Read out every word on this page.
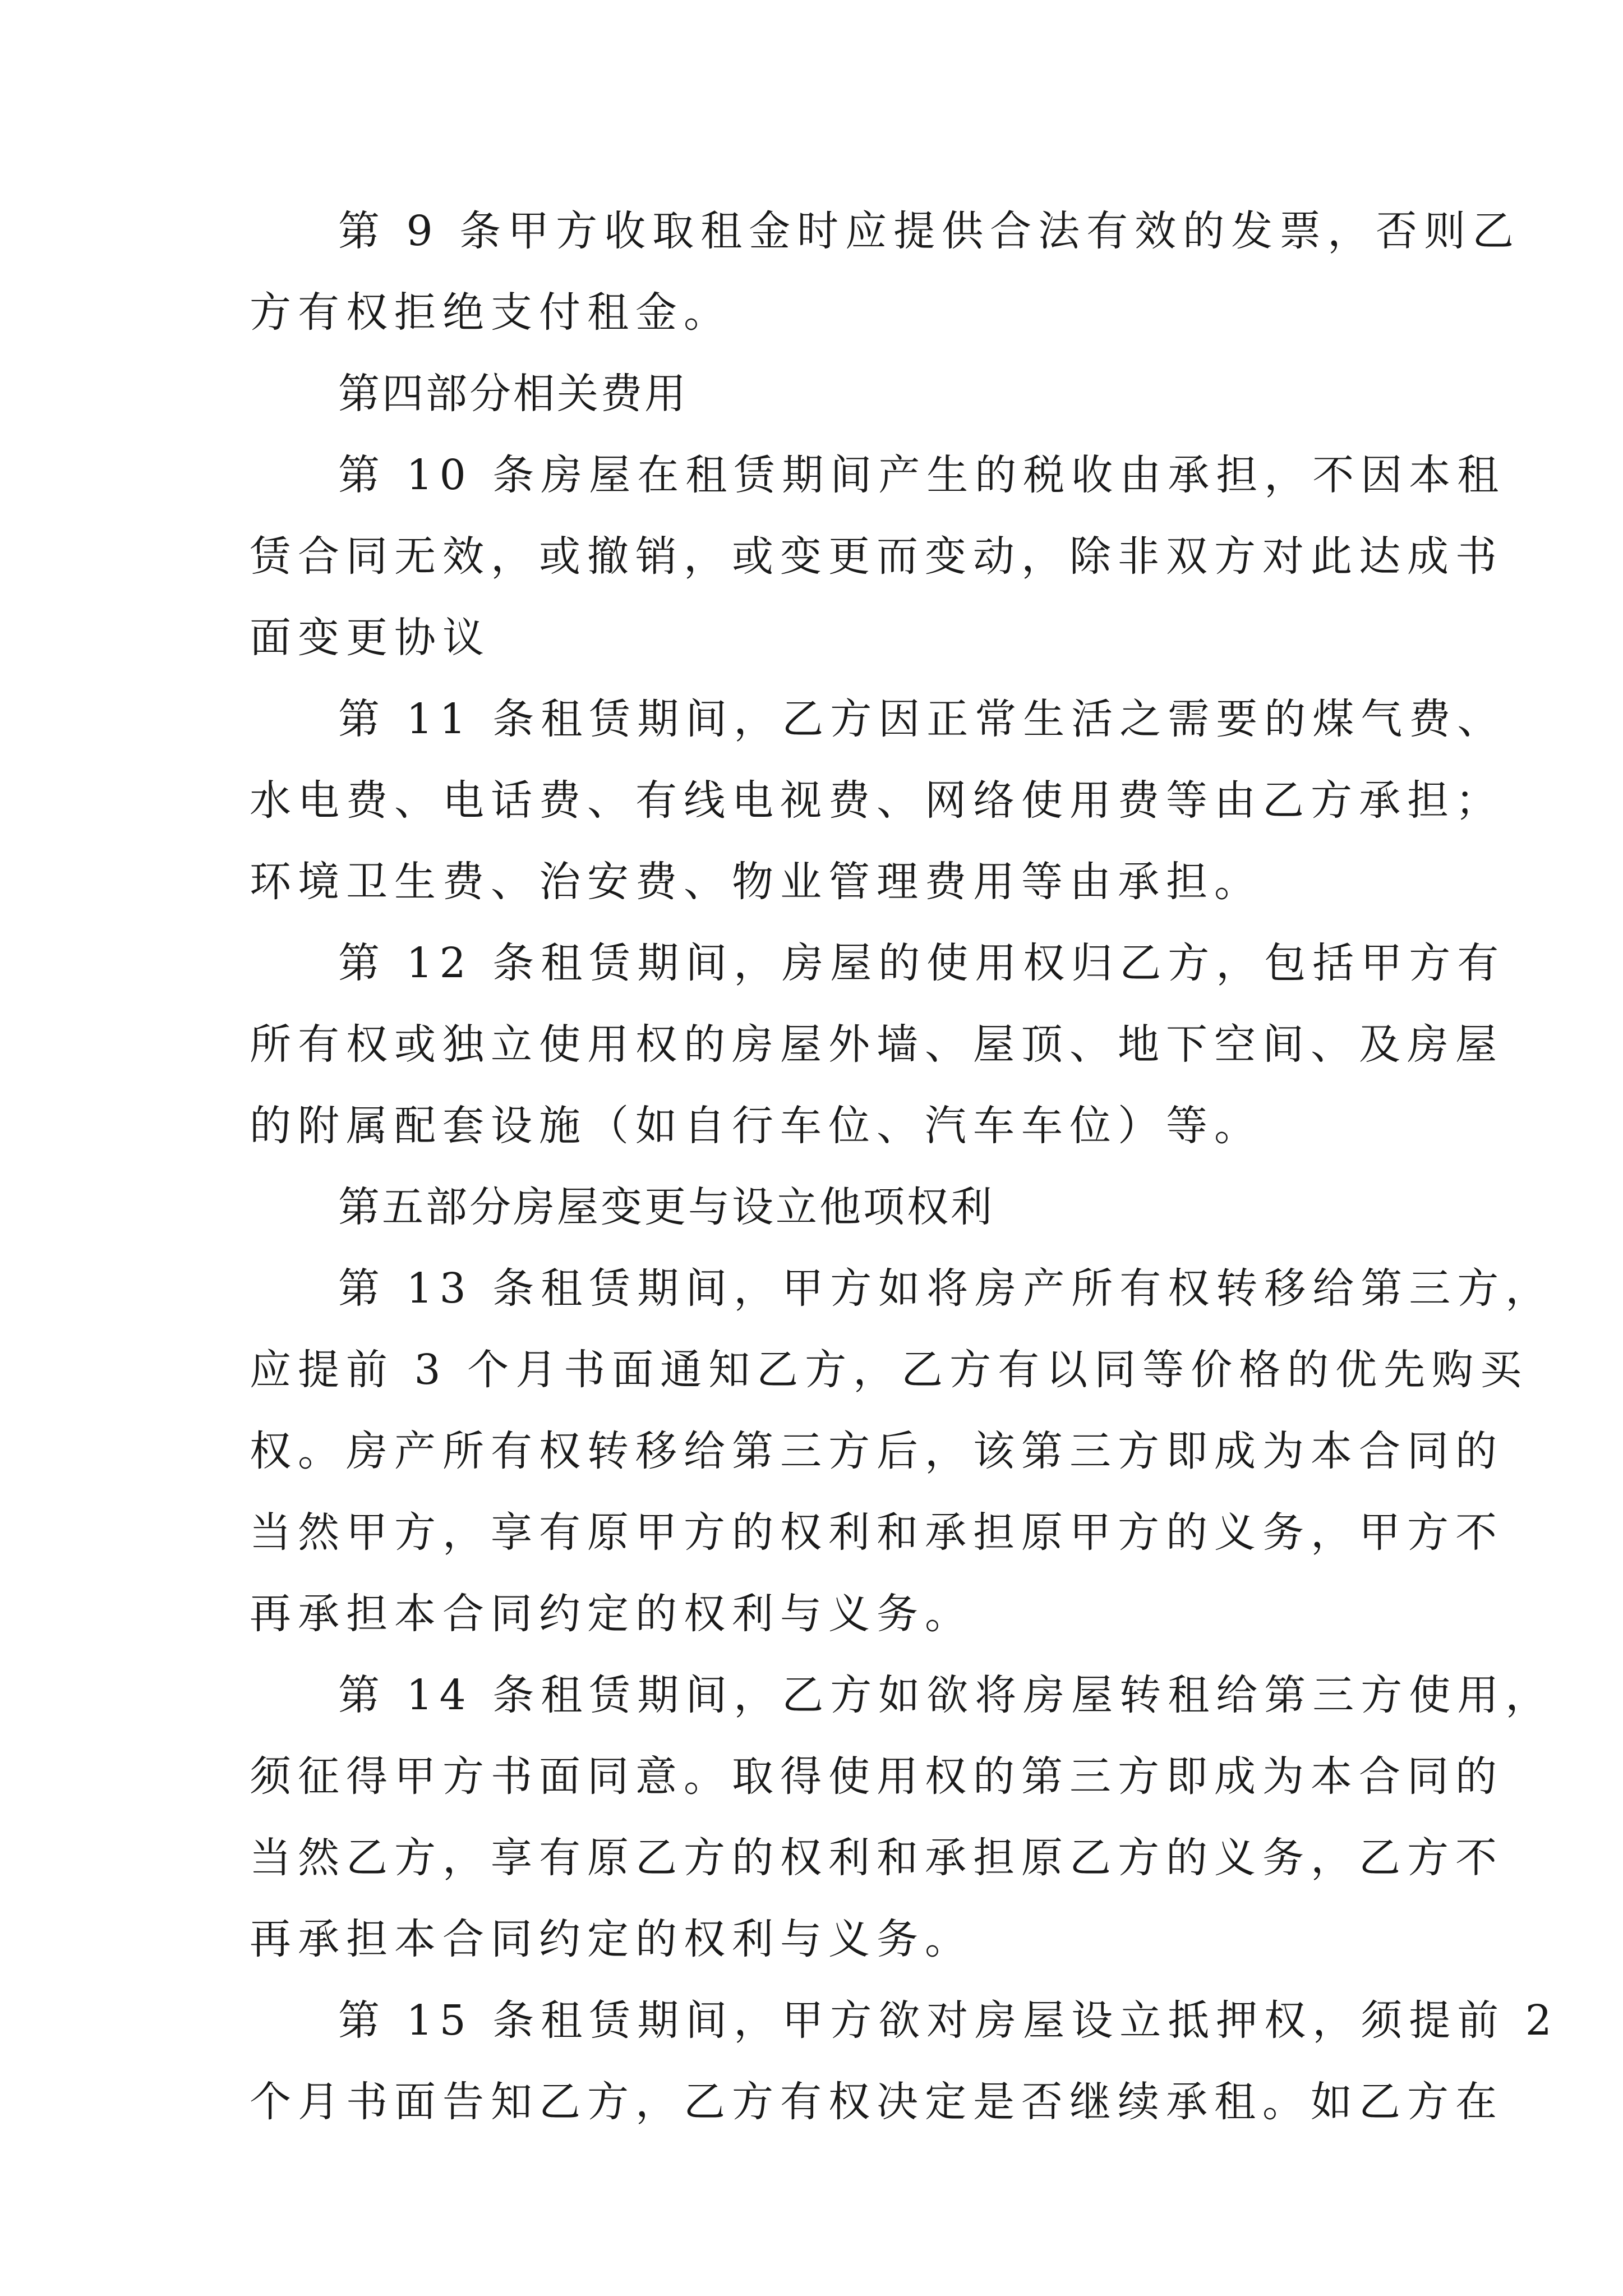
第 9 条甲方收取租金时应提供合法有效的发票，否则乙
方有权拒绝支付租金。
第四部分相关费用
第 10 条房屋在租赁期间产生的税收由承担，不因本租
赁合同无效，或撤销，或变更而变动，除非双方对此达成书
面变更协议
第 11 条租赁期间，乙方因正常生活之需要的煤气费、
水电费、电话费、有线电视费、网络使用费等由乙方承担；
环境卫生费、治安费、物业管理费用等由承担。
第 12 条租赁期间，房屋的使用权归乙方，包括甲方有
所有权或独立使用权的房屋外墙、屋顶、地下空间、及房屋
的附属配套设施（如自行车位、汽车车位）等。
第五部分房屋变更与设立他项权利
第 13 条租赁期间，甲方如将房产所有权转移给第三方，
应提前 3 个月书面通知乙方，乙方有以同等价格的优先购买
权。房产所有权转移给第三方后，该第三方即成为本合同的
当然甲方，享有原甲方的权利和承担原甲方的义务，甲方不
再承担本合同约定的权利与义务。
第 14 条租赁期间，乙方如欲将房屋转租给第三方使用，
须征得甲方书面同意。取得使用权的第三方即成为本合同的
当然乙方，享有原乙方的权利和承担原乙方的义务，乙方不
再承担本合同约定的权利与义务。
第 15 条租赁期间，甲方欲对房屋设立抵押权，须提前 2
个月书面告知乙方，乙方有权决定是否继续承租。如乙方在
